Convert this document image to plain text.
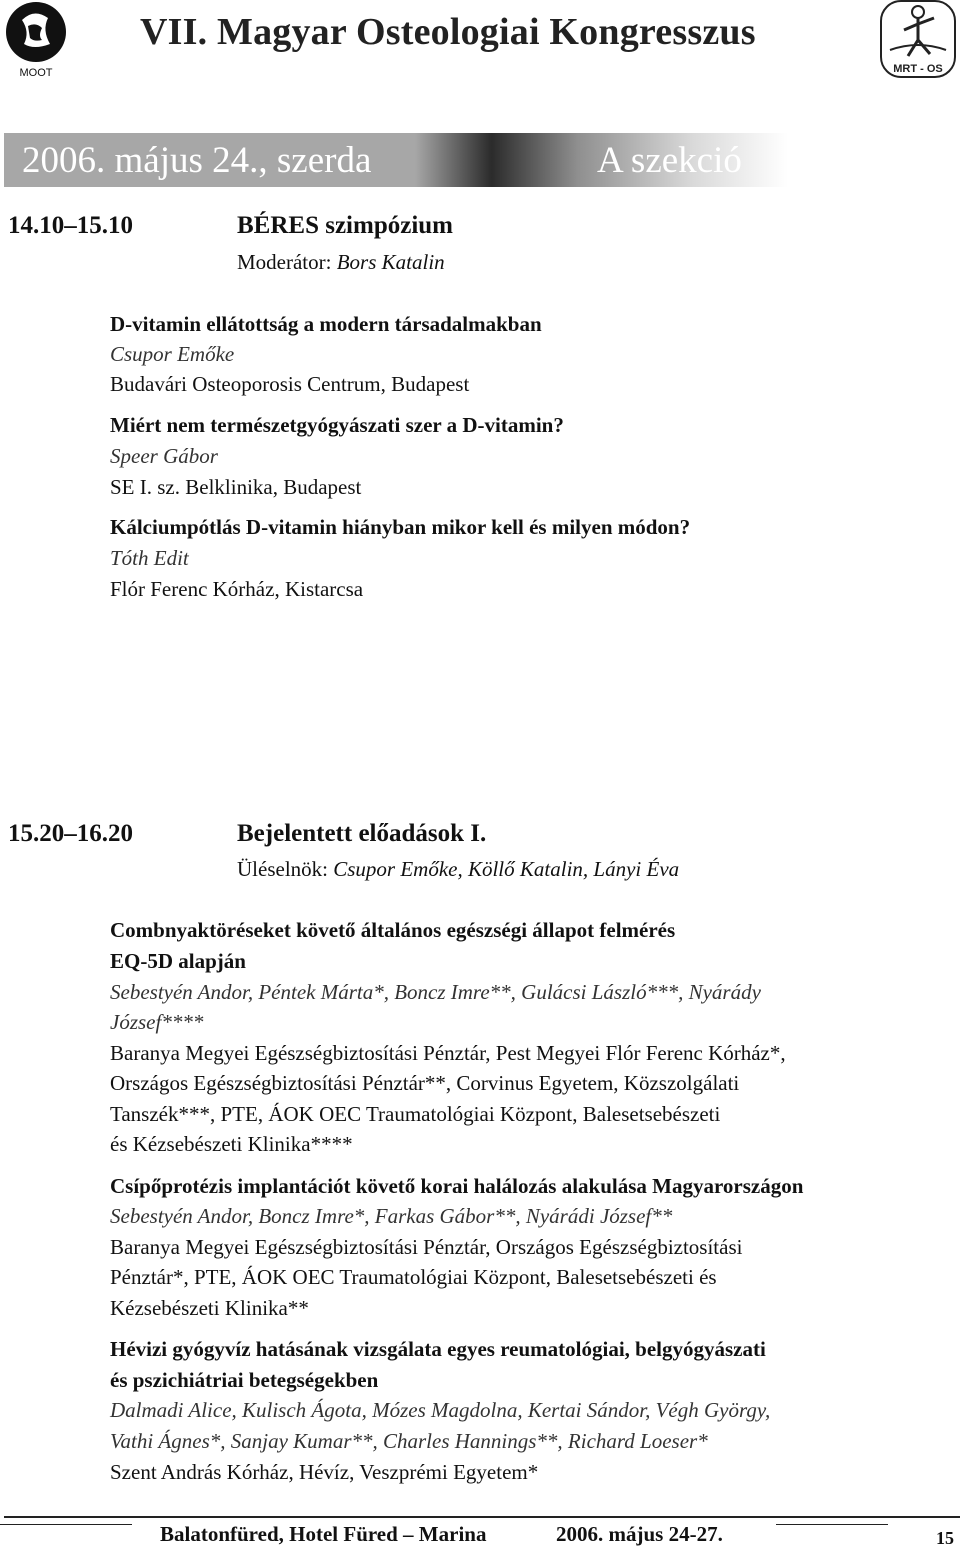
MOOT
VII. Magyar Osteologiai Kongresszus
MRT - OS
2006. május 24., szerda	A szekció
14.10–15.10	BÉRES szimpózium
Moderátor: Bors Katalin
D-vitamin ellátottság a modern társadalmakban
Csupor Emőke
Budavári Osteoporosis Centrum, Budapest
Miért nem természetgyógyászati szer a D-vitamin?
Speer Gábor
SE I. sz. Belklinika, Budapest
Kálciumpótlás D-vitamin hiányban mikor kell és milyen módon?
Tóth Edit
Flór Ferenc Kórház, Kistarcsa
15.20–16.20	Bejelentett előadások I.
Üléselnök: Csupor Emőke, Köllő Katalin, Lányi Éva
Combnyaktöréseket követő általános egészségi állapot felmérés
EQ-5D alapján
Sebestyén Andor, Péntek Márta*, Boncz Imre**, Gulácsi László***, Nyárády
József****
Baranya Megyei Egészségbiztosítási Pénztár, Pest Megyei Flór Ferenc Kórház*,
Országos Egészségbiztosítási Pénztár**, Corvinus Egyetem, Közszolgálati
Tanszék***, PTE, ÁOK OEC Traumatológiai Központ, Balesetsebészeti
és Kézsebészeti Klinika****
Csípőprotézis implantációt követő korai halálozás alakulása Magyarországon
Sebestyén Andor, Boncz Imre*, Farkas Gábor**, Nyárádi József**
Baranya Megyei Egészségbiztosítási Pénztár, Országos Egészségbiztosítási
Pénztár*, PTE, ÁOK OEC Traumatológiai Központ, Balesetsebészeti és
Kézsebészeti Klinika**
Hévizi gyógyvíz hatásának vizsgálata egyes reumatológiai, belgyógyászati
és pszichiátriai betegségekben
Dalmadi Alice, Kulisch Ágota, Mózes Magdolna, Kertai Sándor, Végh György,
Vathi Ágnes*, Sanjay Kumar**, Charles Hannings**, Richard Loeser*
Szent András Kórház, Hévíz, Veszprémi Egyetem*
Balatonfüred, Hotel Füred – Marina	2006. május 24-27.	15
